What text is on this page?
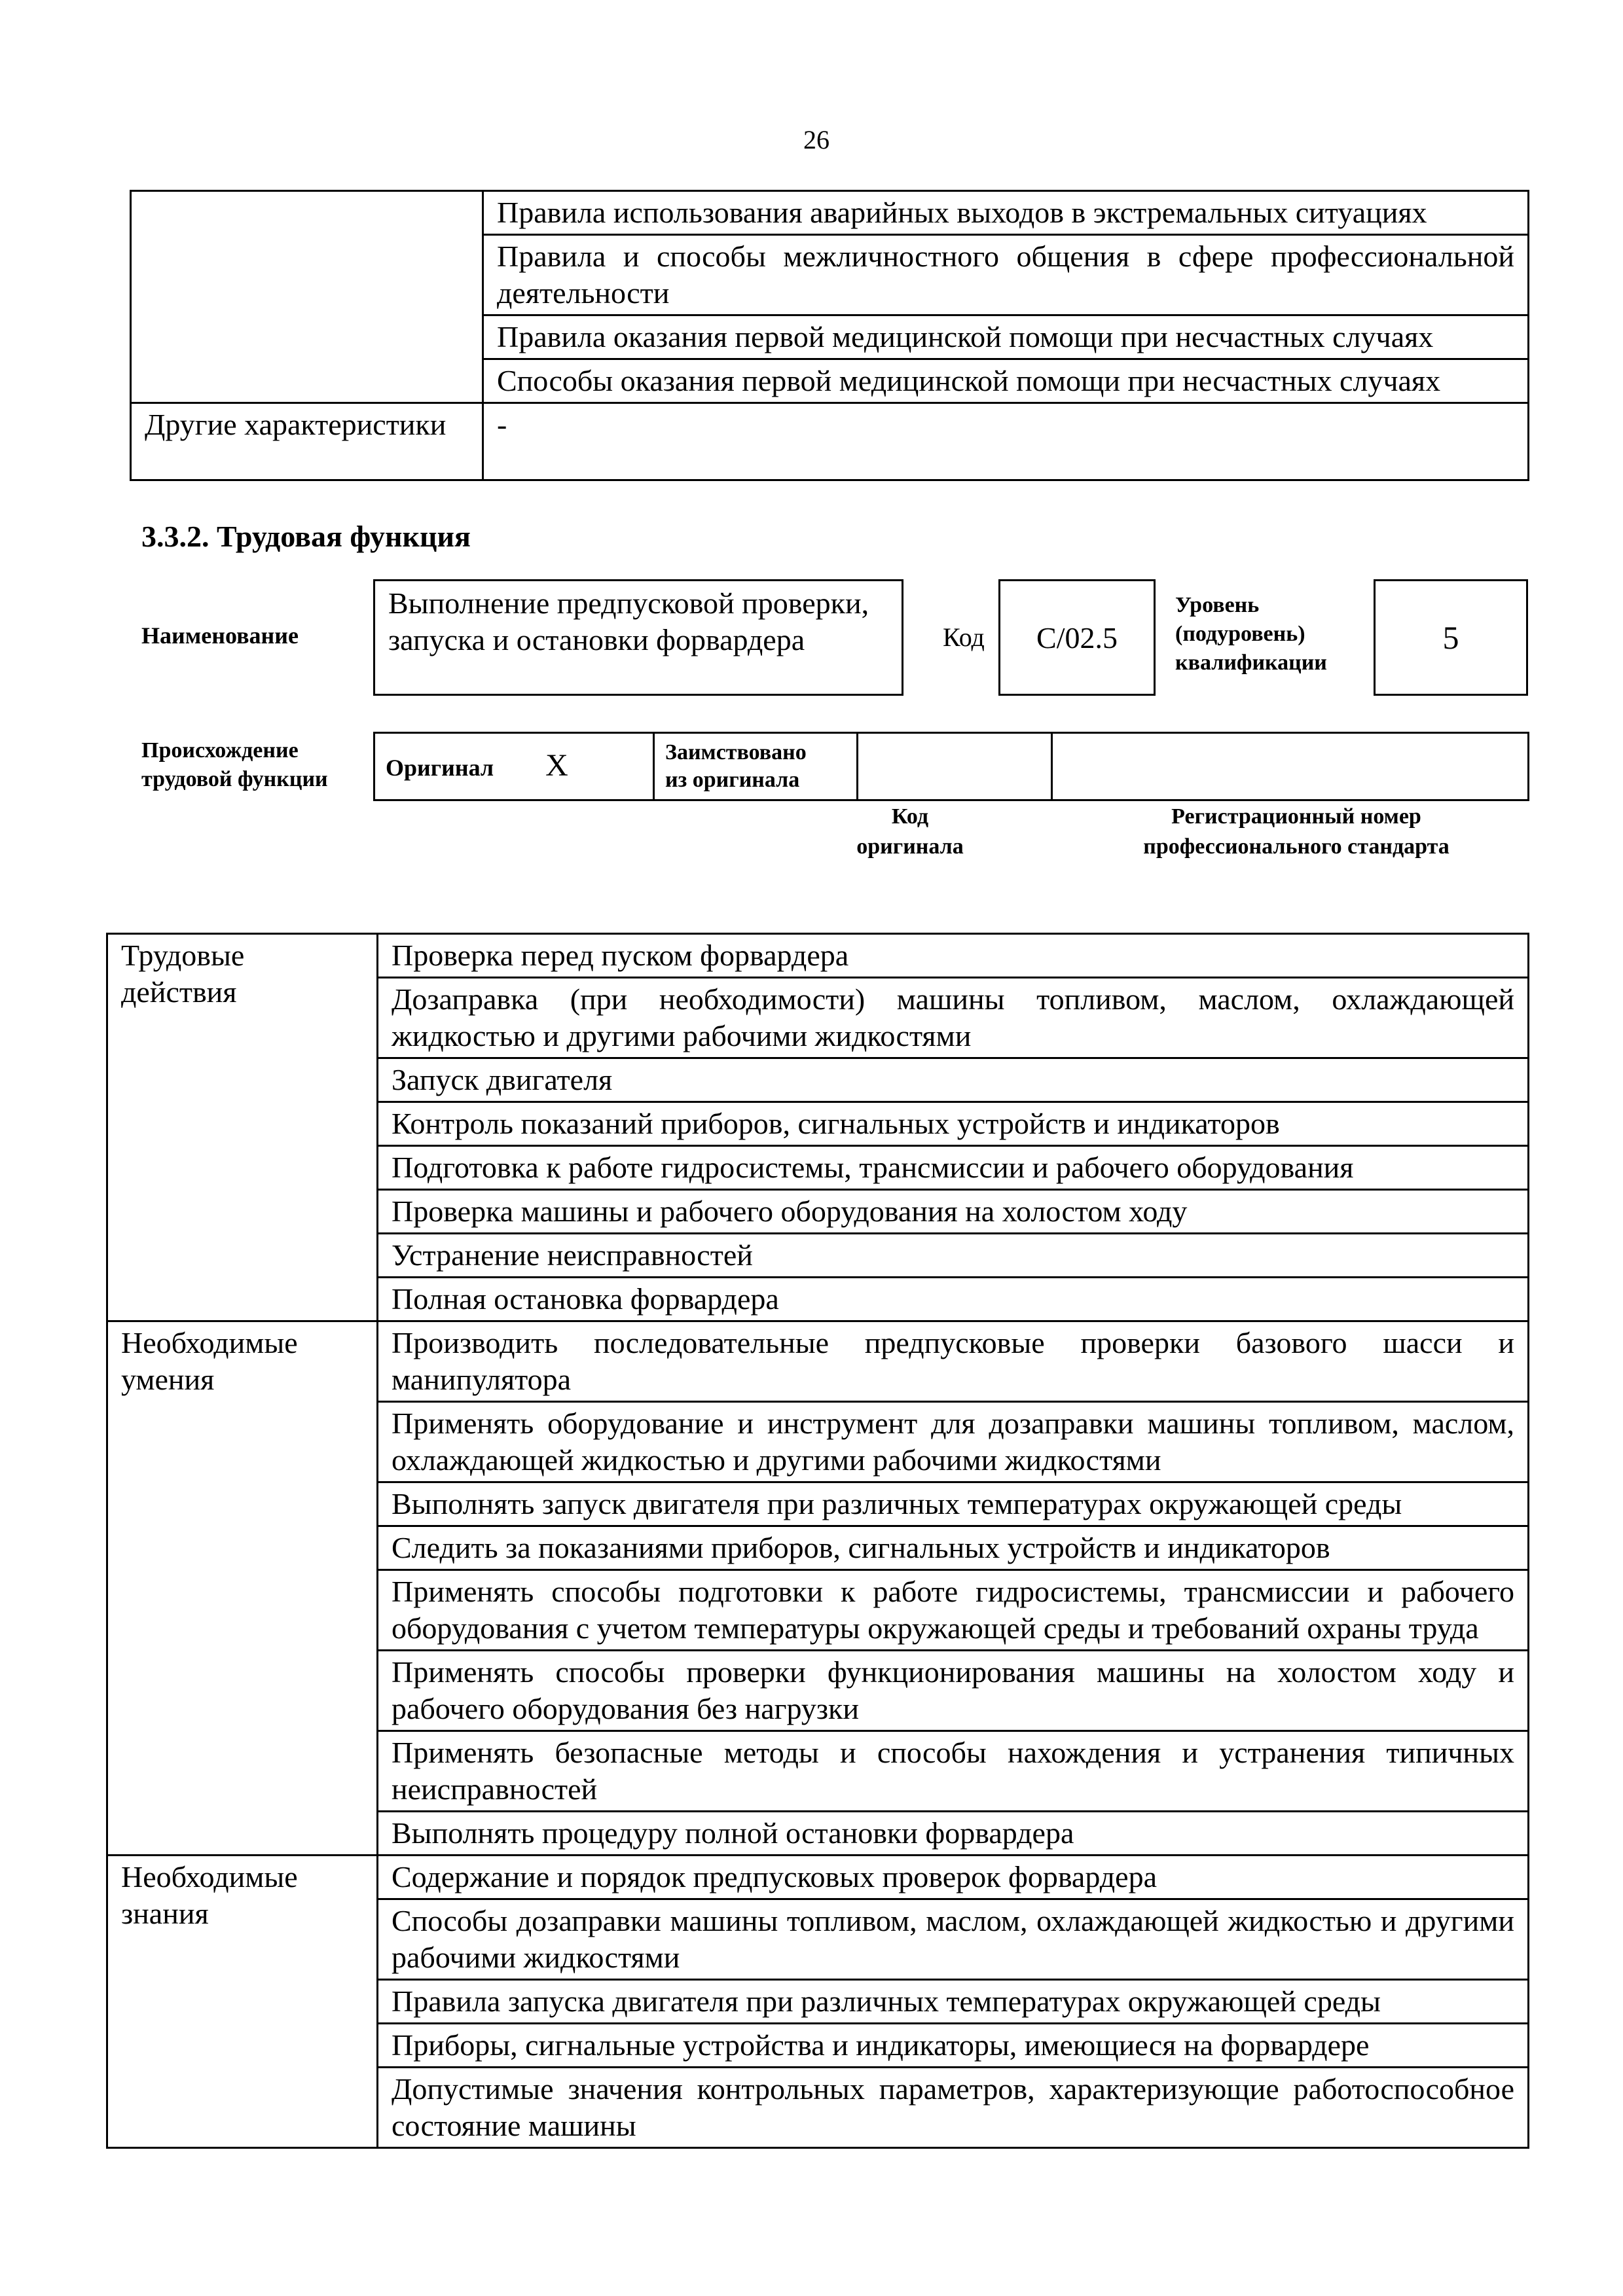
26
	Правила использования аварийных выходов в экстремальных ситуациях
	Правила и способы межличностного общения в сфере профессиональной деятельности
	Правила оказания первой медицинской помощи при несчастных случаях
	Способы оказания первой медицинской помощи при несчастных случаях
Другие характеристики	-
3.3.2. Трудовая функция
Наименование
Выполнение предпусковой проверки, запуска и остановки форвардера	Код	C/02.5
Уровень
(подуровень)
квалификации
5
Происхождение
трудовой функции Оригинал X	Заимствовано
из оригинала

Код
оригинала
Регистрационный номер
профессионального стандарта
Трудовые действия	Проверка перед пуском форвардера
	Дозаправка (при необходимости) машины топливом, маслом, охлаждающей жидкостью и другими рабочими жидкостями
	Запуск двигателя
	Контроль показаний приборов, сигнальных устройств и индикаторов
	Подготовка к работе гидросистемы, трансмиссии и рабочего оборудования
	Проверка машины и рабочего оборудования на холостом ходу
	Устранение неисправностей
	Полная остановка форвардера
Необходимые умения	Производить последовательные предпусковые проверки базового шасси и манипулятора
	Применять оборудование и инструмент для дозаправки машины топливом, маслом, охлаждающей жидкостью и другими рабочими жидкостями
	Выполнять запуск двигателя при различных температурах окружающей среды
	Следить за показаниями приборов, сигнальных устройств и индикаторов
	Применять способы подготовки к работе гидросистемы, трансмиссии и рабочего оборудования с учетом температуры окружающей среды и требований охраны труда
	Применять способы проверки функционирования машины на холостом ходу и рабочего оборудования без нагрузки
	Применять безопасные методы и способы нахождения и устранения типичных неисправностей
	Выполнять процедуру полной остановки форвардера
Необходимые знания	Содержание и порядок предпусковых проверок форвардера
	Способы дозаправки машины топливом, маслом, охлаждающей жидкостью и другими рабочими жидкостями
	Правила запуска двигателя при различных температурах окружающей среды
	Приборы, сигнальные устройства и индикаторы, имеющиеся на форвардере
	Допустимые значения контрольных параметров, характеризующие работоспособное состояние машины
